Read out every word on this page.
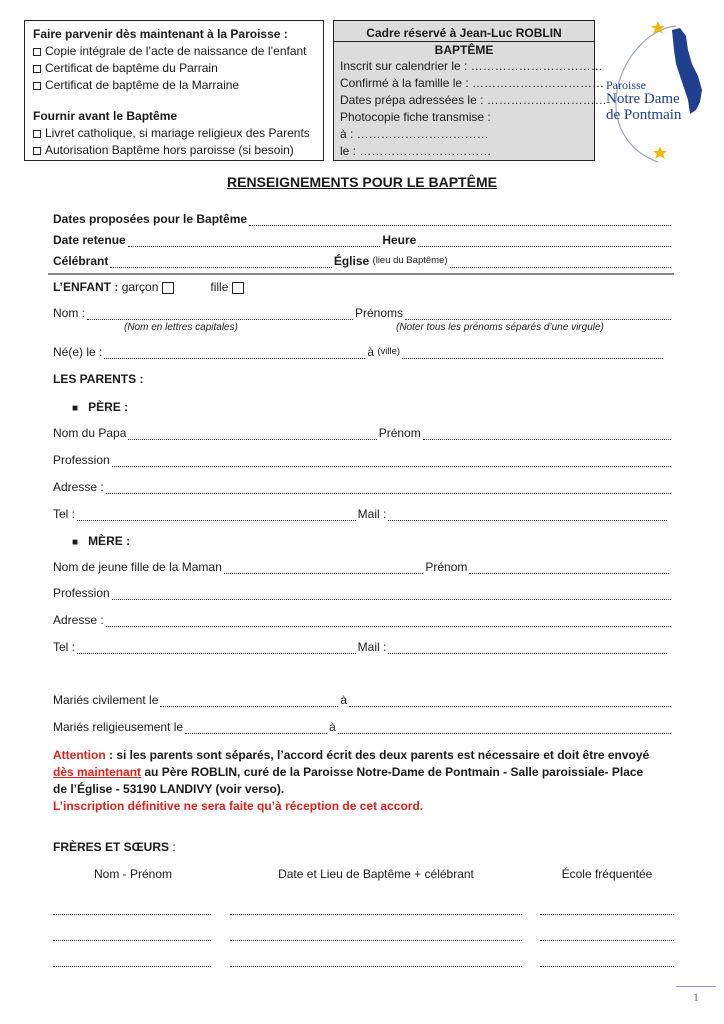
Faire parvenir dès maintenant à la Paroisse :
Copie intégrale de l’acte de naissance de l’enfant
Certificat de baptême du Parrain
Certificat de baptême de la Marraine
Fournir avant le Baptême
Livret catholique, si mariage religieux des Parents
Autorisation Baptême hors paroisse (si besoin)
Cadre réservé à Jean-Luc ROBLIN
BAPTÊME
Inscrit sur calendrier le : ……………………………
Confirmé à la famille le : ……………………………
Dates prépa adressées le : …………………………
Photocopie fiche transmise :
à : ……………………………
le : ……………………………
Paroisse
Notre Dame
de Pontmain
RENSEIGNEMENTS POUR LE BAPTÊME
Dates proposées pour le Baptême
Date retenue	Heure
Célébrant	Église
(lieu du Baptême)
L’ENFANT :
garçon	fille
Nom :	Prénoms
(Nom en lettres capitales)	(Noter tous les prénoms séparés d’une virgule)
Né(e) le :	à
(ville)
LES PARENTS :
■ PÈRE :
Nom du Papa	Prénom
Profession
Adresse :
Tel :	Mail :
■ MÈRE :
Nom de jeune fille de la Maman	Prénom
Profession
Adresse :
Tel :	Mail :
Mariés civilement le	à
Mariés religieusement le	à
Attention : si les parents sont séparés, l’accord écrit des deux parents est nécessaire et doit être envoyé
dès maintenant au Père ROBLIN, curé de la Paroisse Notre-Dame de Pontmain - Salle paroissiale- Place
de l’Église - 53190 LANDIVY (voir verso).
L’inscription définitive ne sera faite qu’à réception de cet accord.
FRÈRES ET SŒURS :
Nom - Prénom	Date et Lieu de Baptême + célébrant	École fréquentée
1
